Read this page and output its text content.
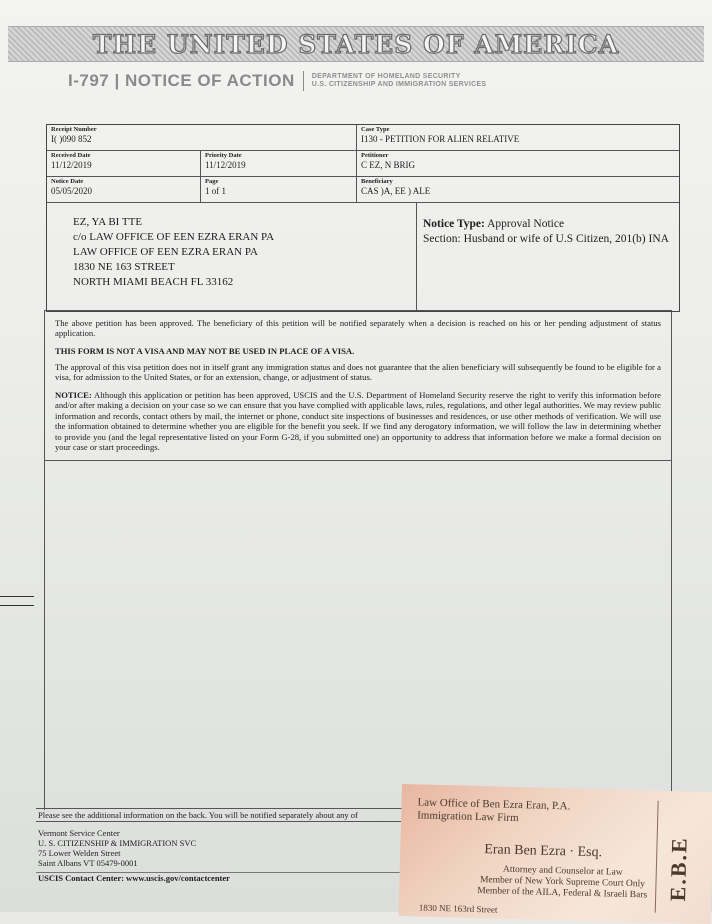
THE UNITED STATES OF AMERICA
I-797 | NOTICE OF ACTION DEPARTMENT OF HOMELAND SECURITY
U.S. CITIZENSHIP AND IMMIGRATION SERVICES
Receipt Number
I( )090 852
Case Type
I130 - PETITION FOR ALIEN RELATIVE
Received Date
11/12/2019
Priority Date
11/12/2019
Petitioner
C EZ, N BRIG
Notice Date
05/05/2020
Page
1 of 1
Beneficiary
CAS )A, EE ) ALE
EZ, YA BI TTE
c/o LAW OFFICE OF EEN EZRA ERAN PA
LAW OFFICE OF EEN EZRA ERAN PA
1830 NE 163 STREET
NORTH MIAMI BEACH FL 33162
Notice Type: Approval Notice
Section: Husband or wife of U.S Citizen, 201(b) INA
The above petition has been approved. The beneficiary of this petition will be notified separately when a decision is reached on his or her pending adjustment of status application.
THIS FORM IS NOT A VISA AND MAY NOT BE USED IN PLACE OF A VISA.
The approval of this visa petition does not in itself grant any immigration status and does not guarantee that the alien beneficiary will subsequently be found to be eligible for a visa, for admission to the United States, or for an extension, change, or adjustment of status.
NOTICE: Although this application or petition has been approved, USCIS and the U.S. Department of Homeland Security reserve the right to verify this information before and/or after making a decision on your case so we can ensure that you have complied with applicable laws, rules, regulations, and other legal authorities. We may review public information and records, contact others by mail, the internet or phone, conduct site inspections of businesses and residences, or use other methods of verification. We will use the information obtained to determine whether you are eligible for the benefit you seek. If we find any derogatory information, we will follow the law in determining whether to provide you (and the legal representative listed on your Form G-28, if you submitted one) an opportunity to address that information before we make a formal decision on your case or start proceedings.
Please see the additional information on the back. You will be notified separately about any of
Vermont Service Center
U. S. CITIZENSHIP & IMMIGRATION SVC
75 Lower Welden Street
Saint Albans VT 05479-0001
USCIS Contact Center: www.uscis.gov/contactcenter
Law Office of Ben Ezra Eran, P.A.
Immigration Law Firm
Eran Ben Ezra · Esq.
Attorney and Counselor at Law
Member of New York Supreme Court Only
Member of the AILA, Federal & Israeli Bars
1830 NE 163rd Street
E.B.E
